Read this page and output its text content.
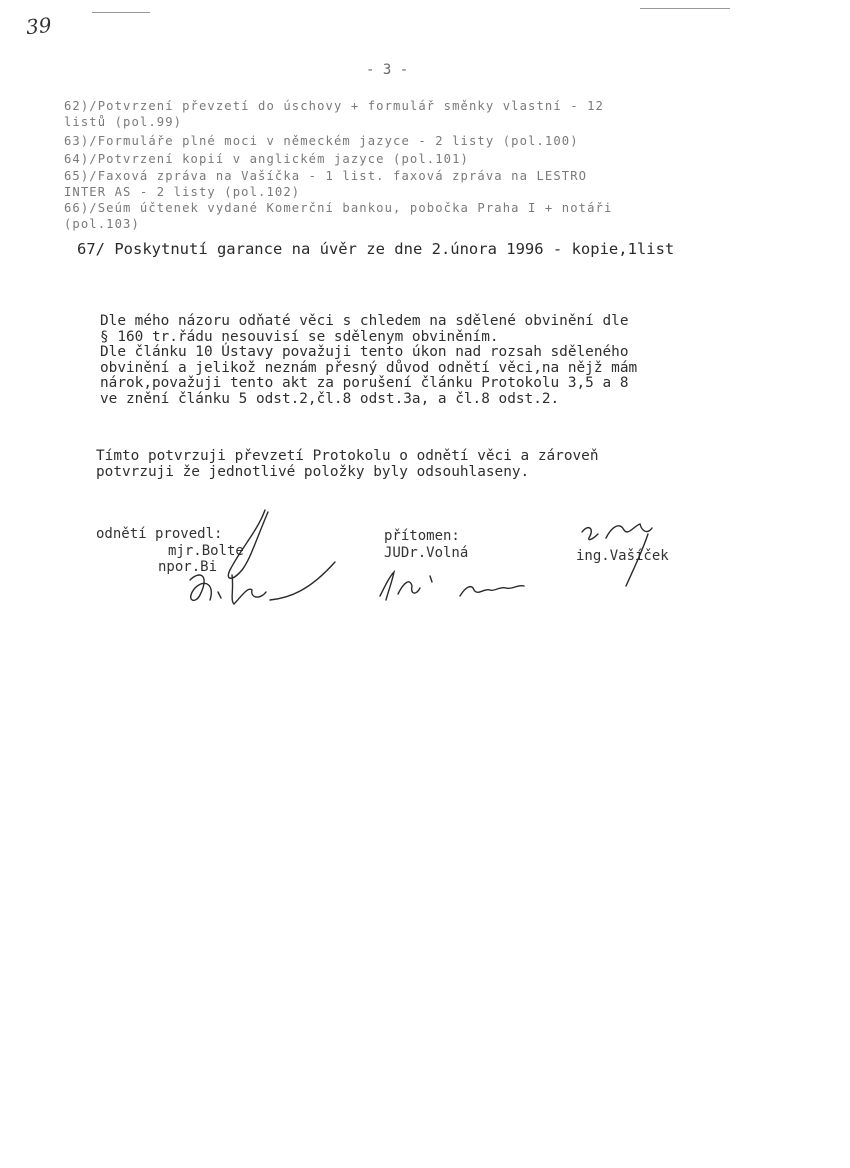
39
- 3 -
62)/Potvrzení převzetí do úschovy + formulář směnky vlastní - 12
listů (pol.99)
63)/Formuláře plné moci v německém jazyce - 2 listy (pol.100)
64)/Potvrzení kopií v anglickém jazyce (pol.101)
65)/Faxová zpráva na Vašíčka - 1 list. faxová zpráva na LESTRO
INTER AS - 2 listy (pol.102)
66)/Seúm účtenek vydané Komerční bankou, pobočka Praha I + notáři
(pol.103)
67/ Poskytnutí garance na úvěr ze dne 2.února 1996 - kopie,1list
Dle mého názoru odňaté věci s chledem na sdělené obvinění dle
§ 160 tr.řádu nesouvisí se sdělenym obviněním.
Dle článku 10 Ústavy považuji tento úkon nad rozsah sděleného
obvinění a jelikož neznám přesný důvod odnětí věci,na nějž mám
nárok,považuji tento akt za porušení článku Protokolu 3,5 a 8
ve znění článku 5 odst.2,čl.8 odst.3a, a čl.8 odst.2.
Tímto potvrzuji převzetí Protokolu o odnětí věci a zároveň
potvrzuji že jednotlivé položky byly odsouhlaseny.
odnětí provedl:
mjr.Bolte
npor.Bi
přítomen:
JUDr.Volná	ing.Vašíček
